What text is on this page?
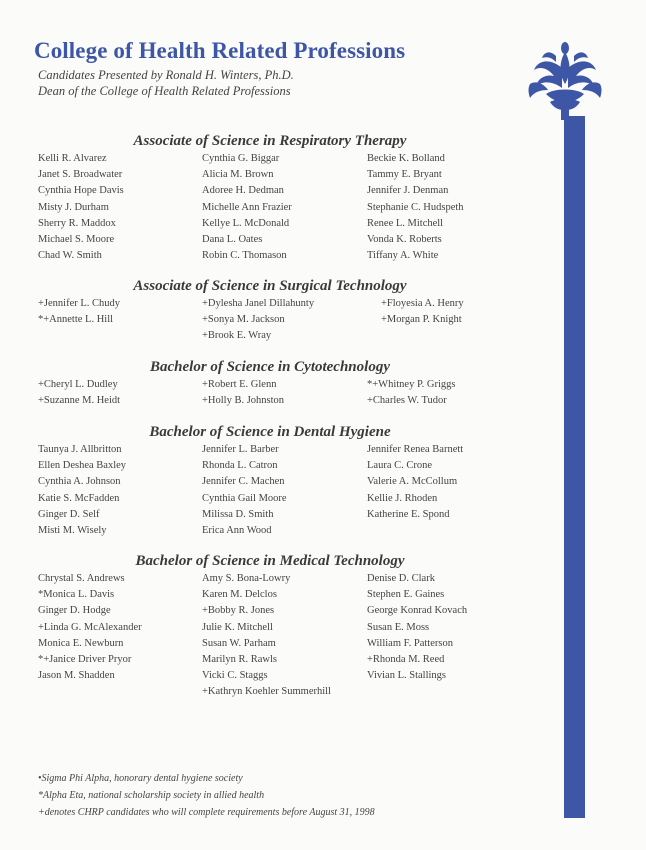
College of Health Related Professions
Candidates Presented by Ronald H. Winters, Ph.D.
Dean of the College of Health Related Professions
Associate of Science in Respiratory Therapy
Kelli R. Alvarez
Janet S. Broadwater
Cynthia Hope Davis
Misty J. Durham
Sherry R. Maddox
Michael S. Moore
Chad W. Smith
Cynthia G. Biggar
Alicia M. Brown
Adoree H. Dedman
Michelle Ann Frazier
Kellye L. McDonald
Dana L. Oates
Robin C. Thomason
Beckie K. Bolland
Tammy E. Bryant
Jennifer J. Denman
Stephanie C. Hudspeth
Renee L. Mitchell
Vonda K. Roberts
Tiffany A. White
Associate of Science in Surgical Technology
+Jennifer L. Chudy
*+Annette L. Hill
+Dylesha Janel Dillahunty
+Sonya M. Jackson
+Brook E. Wray
+Floyesia A. Henry
+Morgan P. Knight
Bachelor of Science in Cytotechnology
+Cheryl L. Dudley
+Suzanne M. Heidt
+Robert E. Glenn
+Holly B. Johnston
*+Whitney P. Griggs
+Charles W. Tudor
Bachelor of Science in Dental Hygiene
Taunya J. Allbritton
Ellen Deshea Baxley
Cynthia A. Johnson
Katie S. McFadden
Ginger D. Self
Misti M. Wisely
Jennifer L. Barber
Rhonda L. Catron
Jennifer C. Machen
Cynthia Gail Moore
Milissa D. Smith
Erica Ann Wood
Jennifer Renea Barnett
Laura C. Crone
Valerie A. McCollum
Kellie J. Rhoden
Katherine E. Spond
Bachelor of Science in Medical Technology
Chrystal S. Andrews
*Monica L. Davis
Ginger D. Hodge
+Linda G. McAlexander
Monica E. Newburn
*+Janice Driver Pryor
Jason M. Shadden
Amy S. Bona-Lowry
Karen M. Delclos
+Bobby R. Jones
Julie K. Mitchell
Susan W. Parham
Marilyn R. Rawls
Vicki C. Staggs
+Kathryn Koehler Summerhill
Denise D. Clark
Stephen E. Gaines
George Konrad Kovach
Susan E. Moss
William F. Patterson
+Rhonda M. Reed
Vivian L. Stallings
•Sigma Phi Alpha, honorary dental hygiene society
*Alpha Eta, national scholarship society in allied health
+denotes CHRP candidates who will complete requirements before August 31, 1998
